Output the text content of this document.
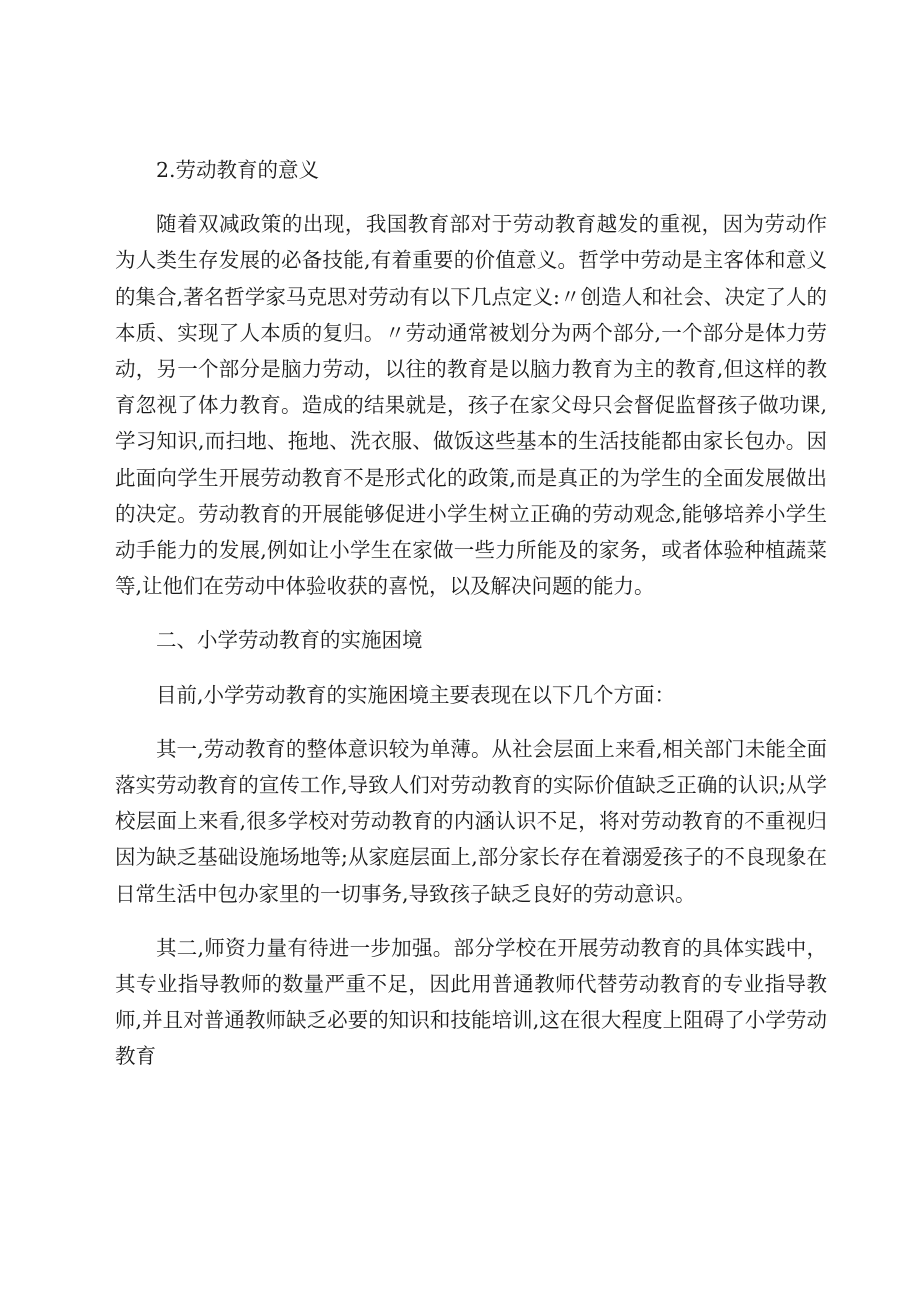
2.劳动教育的意义

随着双减政策的出现，我国教育部对于劳动教育越发的重视，因为劳动作为人类生存发展的必备技能,有着重要的价值意义。哲学中劳动是主客体和意义的集合,著名哲学家马克思对劳动有以下几点定义:〃创造人和社会、决定了人的本质、实现了人本质的复归。〃劳动通常被划分为两个部分,一个部分是体力劳动，另一个部分是脑力劳动，以往的教育是以脑力教育为主的教育,但这样的教育忽视了体力教育。造成的结果就是，孩子在家父母只会督促监督孩子做功课,学习知识,而扫地、拖地、洗衣服、做饭这些基本的生活技能都由家长包办。因此面向学生开展劳动教育不是形式化的政策,而是真正的为学生的全面发展做出的决定。劳动教育的开展能够促进小学生树立正确的劳动观念,能够培养小学生动手能力的发展,例如让小学生在家做一些力所能及的家务，或者体验种植蔬菜等,让他们在劳动中体验收获的喜悦，以及解决问题的能力。

二、小学劳动教育的实施困境

目前,小学劳动教育的实施困境主要表现在以下几个方面：

其一,劳动教育的整体意识较为单薄。从社会层面上来看,相关部门未能全面落实劳动教育的宣传工作,导致人们对劳动教育的实际价值缺乏正确的认识;从学校层面上来看,很多学校对劳动教育的内涵认识不足，将对劳动教育的不重视归因为缺乏基础设施场地等;从家庭层面上,部分家长存在着溺爱孩子的不良现象在日常生活中包办家里的一切事务,导致孩子缺乏良好的劳动意识。

其二,师资力量有待进一步加强。部分学校在开展劳动教育的具体实践中，其专业指导教师的数量严重不足，因此用普通教师代替劳动教育的专业指导教师,并且对普通教师缺乏必要的知识和技能培训,这在很大程度上阻碍了小学劳动教育
